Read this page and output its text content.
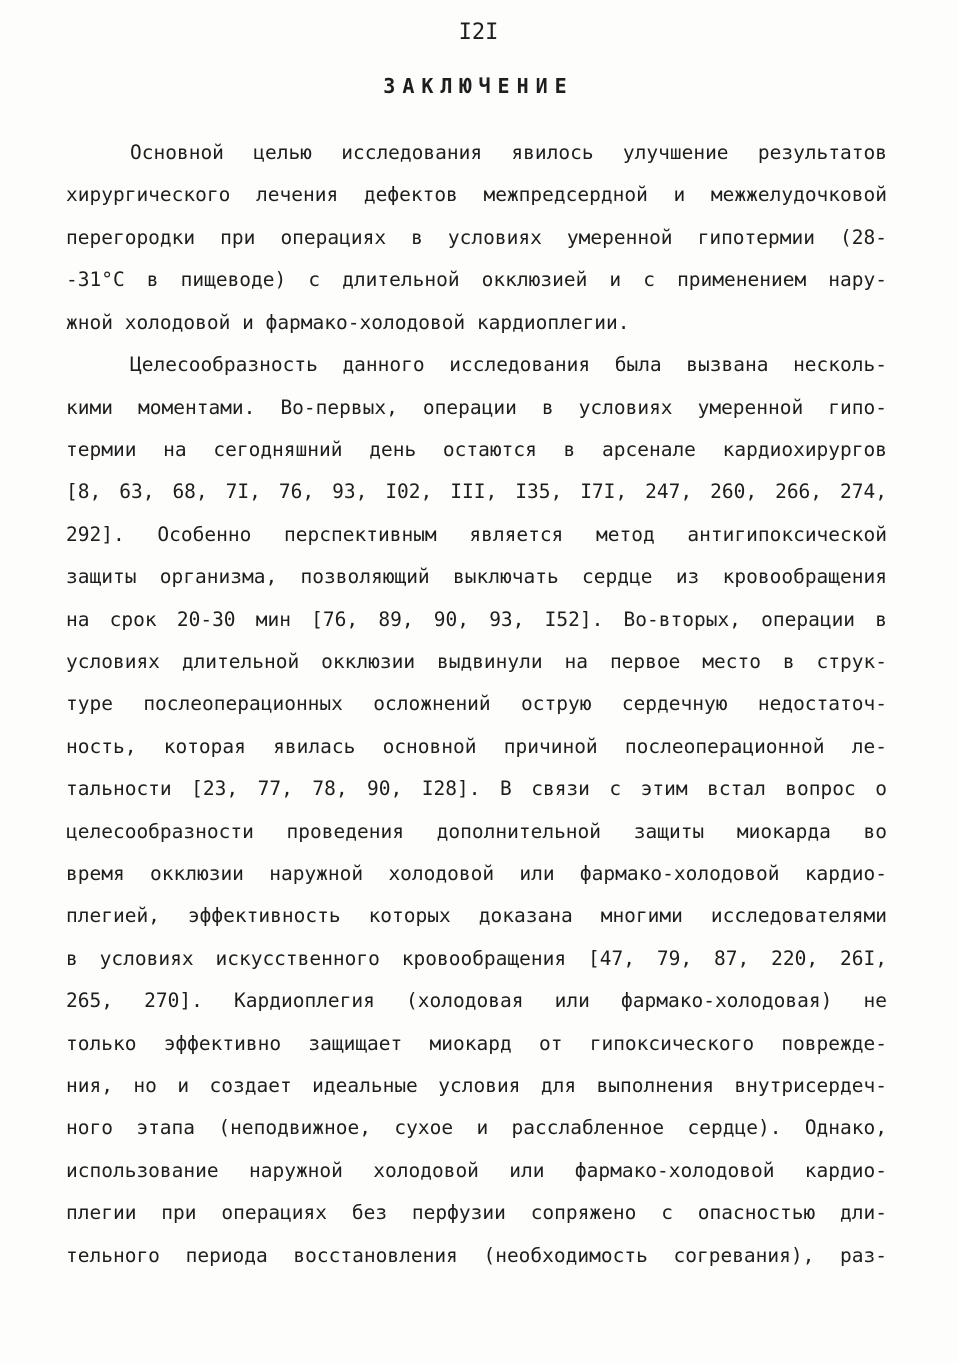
I2I
ЗАКЛЮЧЕНИЕ
Основной целью исследования явилось улучшение результатов
хирургического лечения дефектов межпредсердной и межжелудочковой
перегородки при операциях в условиях умеренной гипотермии (28-
-31°С в пищеводе) с длительной окклюзией и с применением нару-
жной холодовой и фармако-холодовой кардиоплегии.
Целесообразность данного исследования была вызвана несколь-
кими моментами. Во-первых, операции в условиях умеренной гипо-
термии на сегодняшний день остаются в арсенале кардиохирургов
[8, 63, 68, 7I, 76, 93, I02, III, I35, I7I, 247, 260, 266, 274,
292]. Особенно перспективным является метод антигипоксической
защиты организма, позволяющий выключать сердце из кровообращения
на срок 20-30 мин [76, 89, 90, 93, I52]. Во-вторых, операции в
условиях длительной окклюзии выдвинули на первое место в струк-
туре послеоперационных осложнений острую сердечную недостаточ-
ность, которая явилась основной причиной послеоперационной ле-
тальности [23, 77, 78, 90, I28]. В связи с этим встал вопрос о
целесообразности проведения дополнительной защиты миокарда во
время окклюзии наружной холодовой или фармако-холодовой кардио-
плегией, эффективность которых доказана многими исследователями
в условиях искусственного кровообращения [47, 79, 87, 220, 26I,
265, 270]. Кардиоплегия (холодовая или фармако-холодовая) не
только эффективно защищает миокард от гипоксического поврежде-
ния, но и создает идеальные условия для выполнения внутрисердеч-
ного этапа (неподвижное, сухое и расслабленное сердце). Однако,
использование наружной холодовой или фармако-холодовой кардио-
плегии при операциях без перфузии сопряжено с опасностью дли-
тельного периода восстановления (необходимость согревания), раз-
